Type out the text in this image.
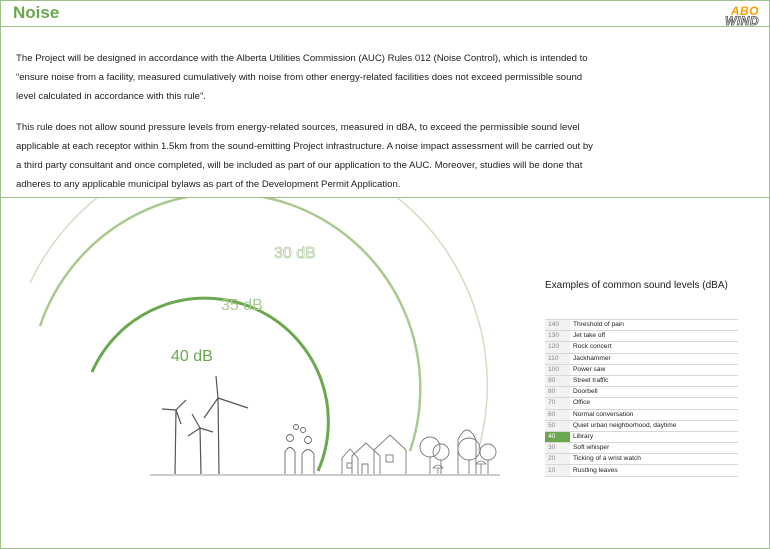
Noise	ABO
WIND
The Project will be designed in accordance with the Alberta Utilities Commission (AUC) Rules 012 (Noise Control), which is intended to “ensure noise from a facility, measured cumulatively with noise from other energy-related facilities does not exceed permissible sound level calculated in accordance with this rule”.
This rule does not allow sound pressure levels from energy-related sources, measured in dBA, to exceed the permissible sound level applicable at each receptor within 1.5km from the sound-emitting Project infrastructure. A noise impact assessment will be carried out by a third party consultant and once completed, will be included as part of our application to the AUC. Moreover, studies will be done that adheres to any applicable municipal bylaws as part of the Development Permit Application.
30 dB
35 dB
40 dB
Examples of common sound levels (dBA)
140	Threshold of pain
130	Jet take off
120	Rock concert
110	Jackhammer
100	Power saw
90	Street traffic
80	Doorbell
70	Office
60	Normal conversation
50	Quiet urban neighborhood, daytime
40	Library
30	Soft whisper
20	Ticking of a wrist watch
10	Rustling leaves
